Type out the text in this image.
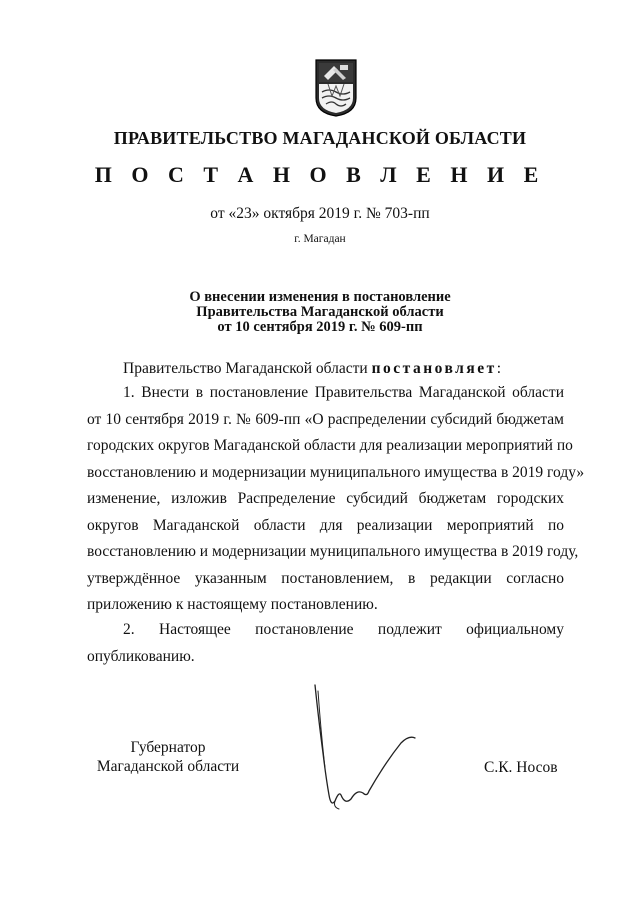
ПРАВИТЕЛЬСТВО МАГАДАНСКОЙ ОБЛАСТИ
П О С Т А Н О В Л Е Н И Е
от «23» октября 2019 г. № 703-пп
г. Магадан
О внесении изменения в постановление
Правительства Магаданской области
от 10 сентября 2019 г. № 609-пп
Правительство Магаданской области постановляет:
1. Внести в постановление Правительства Магаданской области
от 10 сентября 2019 г. № 609-пп «О распределении субсидий бюджетам
городских округов Магаданской области для реализации мероприятий по
восстановлению и модернизации муниципального имущества в 2019 году»
изменение, изложив Распределение субсидий бюджетам городских
округов Магаданской области для реализации мероприятий по
восстановлению и модернизации муниципального имущества в 2019 году,
утверждённое указанным постановлением, в редакции согласно
приложению к настоящему постановлению.
2. Настоящее постановление подлежит официальному
опубликованию.
Губернатор
Магаданской области	С.К. Носов
